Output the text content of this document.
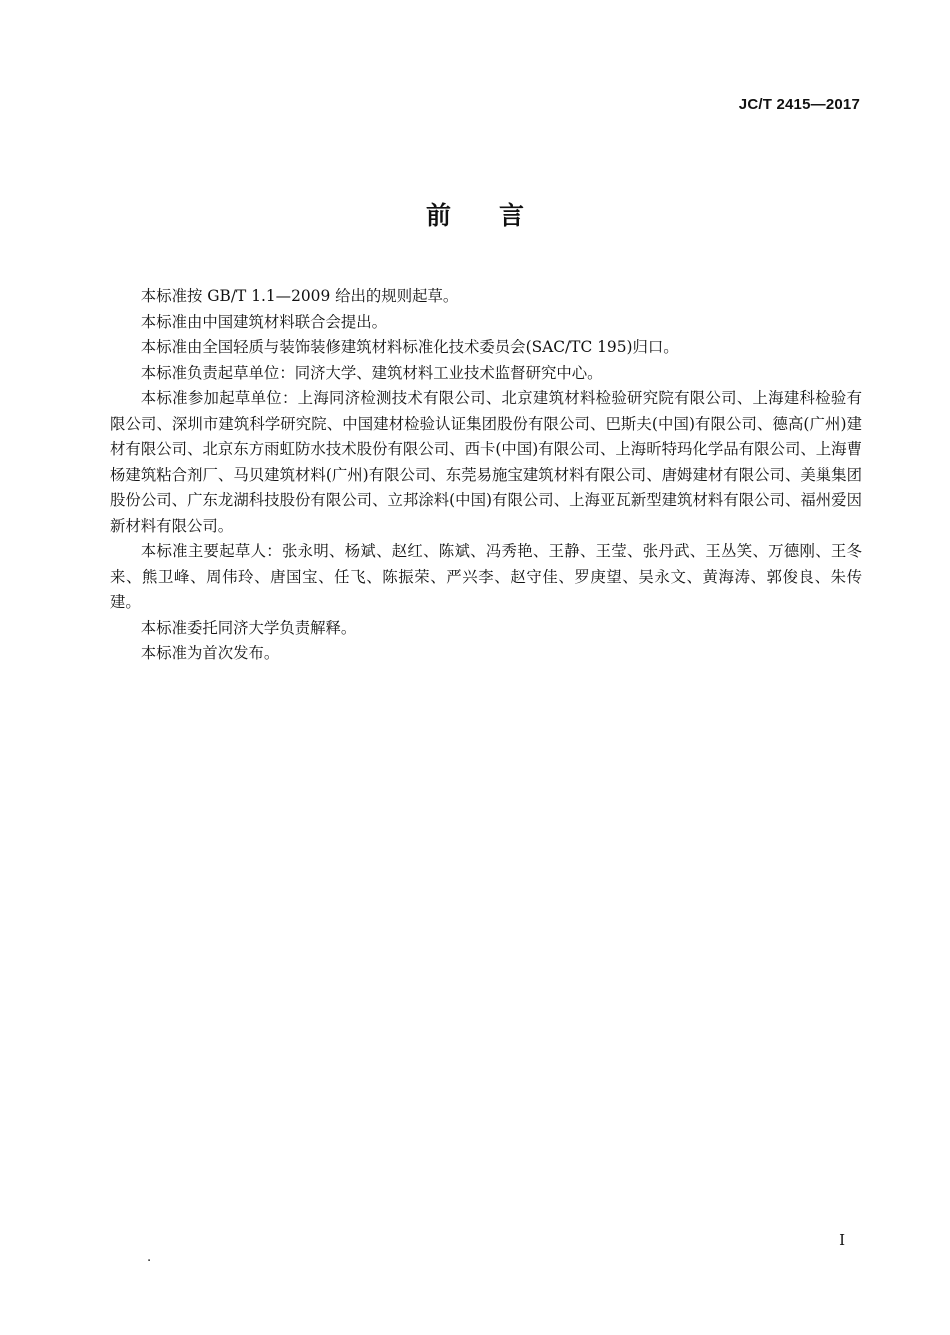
JC/T 2415—2017
前 言

本标准按 GB/T 1.1—2009 给出的规则起草。

本标准由中国建筑材料联合会提出。

本标准由全国轻质与装饰装修建筑材料标准化技术委员会(SAC/TC 195)归口。

本标准负责起草单位：同济大学、建筑材料工业技术监督研究中心。

本标准参加起草单位：上海同济检测技术有限公司、北京建筑材料检验研究院有限公司、上海建科检验有限公司、深圳市建筑科学研究院、中国建材检验认证集团股份有限公司、巴斯夫(中国)有限公司、德高(广州)建材有限公司、北京东方雨虹防水技术股份有限公司、西卡(中国)有限公司、上海昕特玛化学品有限公司、上海曹杨建筑粘合剂厂、马贝建筑材料(广州)有限公司、东莞易施宝建筑材料有限公司、唐姆建材有限公司、美巢集团股份公司、广东龙湖科技股份有限公司、立邦涂料(中国)有限公司、上海亚瓦新型建筑材料有限公司、福州爱因新材料有限公司。

本标准主要起草人：张永明、杨斌、赵红、陈斌、冯秀艳、王静、王莹、张丹武、王丛笑、万德刚、王冬来、熊卫峰、周伟玲、唐国宝、任飞、陈振荣、严兴李、赵守佳、罗庚望、吴永文、黄海涛、郭俊良、朱传建。

本标准委托同济大学负责解释。

本标准为首次发布。

I
.
